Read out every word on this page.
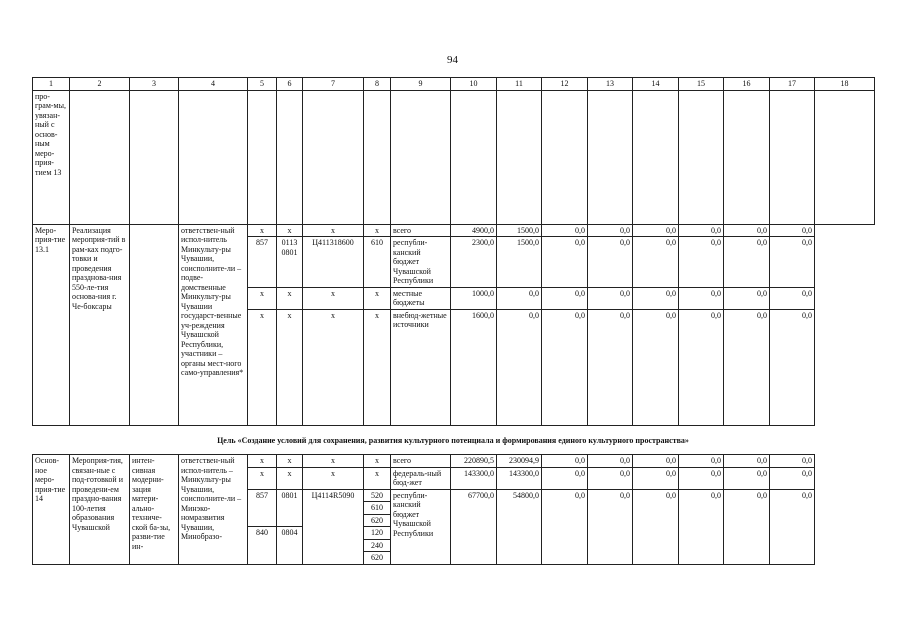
94
1	2	3	4	5	6	7	8	9	10	11	12	13	14	15	16	17	18
про-грам-мы, увязан-ный с основ-ным меро-прия-тием 13																	
Меро-прия-тие 13.1	Реализация мероприя-тий в рам-ках подго-товки и проведения празднова-ния 550-ле-тия основа-ния г. Че-боксары		ответствен-ный испол-нитель Минкульту-ры Чувашии, соисполните-ли – подве-домственные Минкульту-ры Чувашии государст-венные уч-реждения Чувашской Республики, участники – органы мест-ного само-управления*	x	x	x	x	всего	4900,0	1500,0	0,0	0,0	0,0	0,0	0,0	0,0	
				857	0113 0801	Ц411318600	610	республи-канский бюджет Чувашской Республики	2300,0	1500,0	0,0	0,0	0,0	0,0	0,0	0,0	
				x	x	x	x	местные бюджеты	1000,0	0,0	0,0	0,0	0,0	0,0	0,0	0,0	
				x	x	x	x	внебюд-жетные источники	1600,0	0,0	0,0	0,0	0,0	0,0	0,0	0,0	
Цель «Создание условий для сохранения, развития культурного потенциала и формирования единого культурного пространства»
Основ-ное меро-прия-тие 14	Мероприя-тия, связан-ные с под-готовкой и проведени-ем праздно-вания 100-летия образования Чувашской	интен-сивная модерни-зация матери-ально-техниче-ской ба-зы, разви-тие ин-	ответствен-ный испол-нитель – Минкульту-ры Чувашии, соисполните-ли – Минэко-номразвития Чувашии, Минобразо-	x	x	x	x	всего	220890,5	230094,9	0,0	0,0	0,0	0,0	0,0	0,0
				x	x	x	x	федераль-ный бюд-жет	143300,0	143300,0	0,0	0,0	0,0	0,0	0,0	0,0
				857	0801	Ц4114R5090	520	республи-канский бюджет Чувашской Республики	67700,0	54800,0	0,0	0,0	0,0	0,0	0,0	0,0
							610									
							620									
				840	0804		120									
							240									
							620									
